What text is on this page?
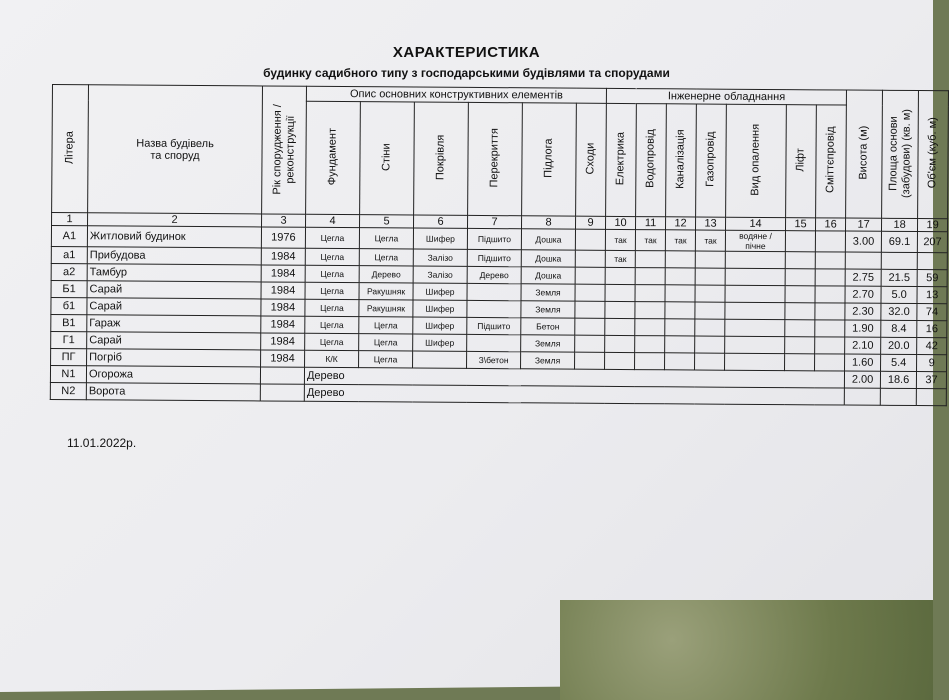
ХАРАКТЕРИСТИКА
будинку садибного типу з господарськими будівлями та спорудами
Літера	Назва будівель та споруд	Рік спорудження / реконструкції	Опис основних конструктивних елементів						Інженерне обладнання							Висота (м)	Площа основи (забудови) (кв. м)	Об'єм (куб. м)
			Фундамент	Стіни	Покрівля	Перекриття	Підлога	Сходи	Електрика	Водопровід	Каналізація	Газопровід	Вид опалення	Ліфт	Сміттєпровід			
1	2	3	4	5	6	7	8	9	10	11	12	13	14	15	16	17	18	19
А1	Житловий будинок	1976	Цегла	Цегла	Шифер	Підшито	Дошка		так	так	так	так	водяне / пічне			3.00	69.1	207
а1	Прибудова	1984	Цегла	Цегла	Залізо	Підшито	Дошка		так									
а2	Тамбур	1984	Цегла	Дерево	Залізо	Дерево	Дошка									2.75	21.5	59
Б1	Сарай	1984	Цегла	Ракушняк	Шифер		Земля									2.70	5.0	13
б1	Сарай	1984	Цегла	Ракушняк	Шифер		Земля									2.30	32.0	74
В1	Гараж	1984	Цегла	Цегла	Шифер	Підшито	Бетон									1.90	8.4	16
Г1	Сарай	1984	Цегла	Цегла	Шифер		Земля									2.10	20.0	42
ПГ	Погріб	1984	К/К	Цегла		З\бетон	Земля									1.60	5.4	9
N1	Огорожа		Дерево													2.00	18.6	37
N2	Ворота		Дерево															
11.01.2022р.
